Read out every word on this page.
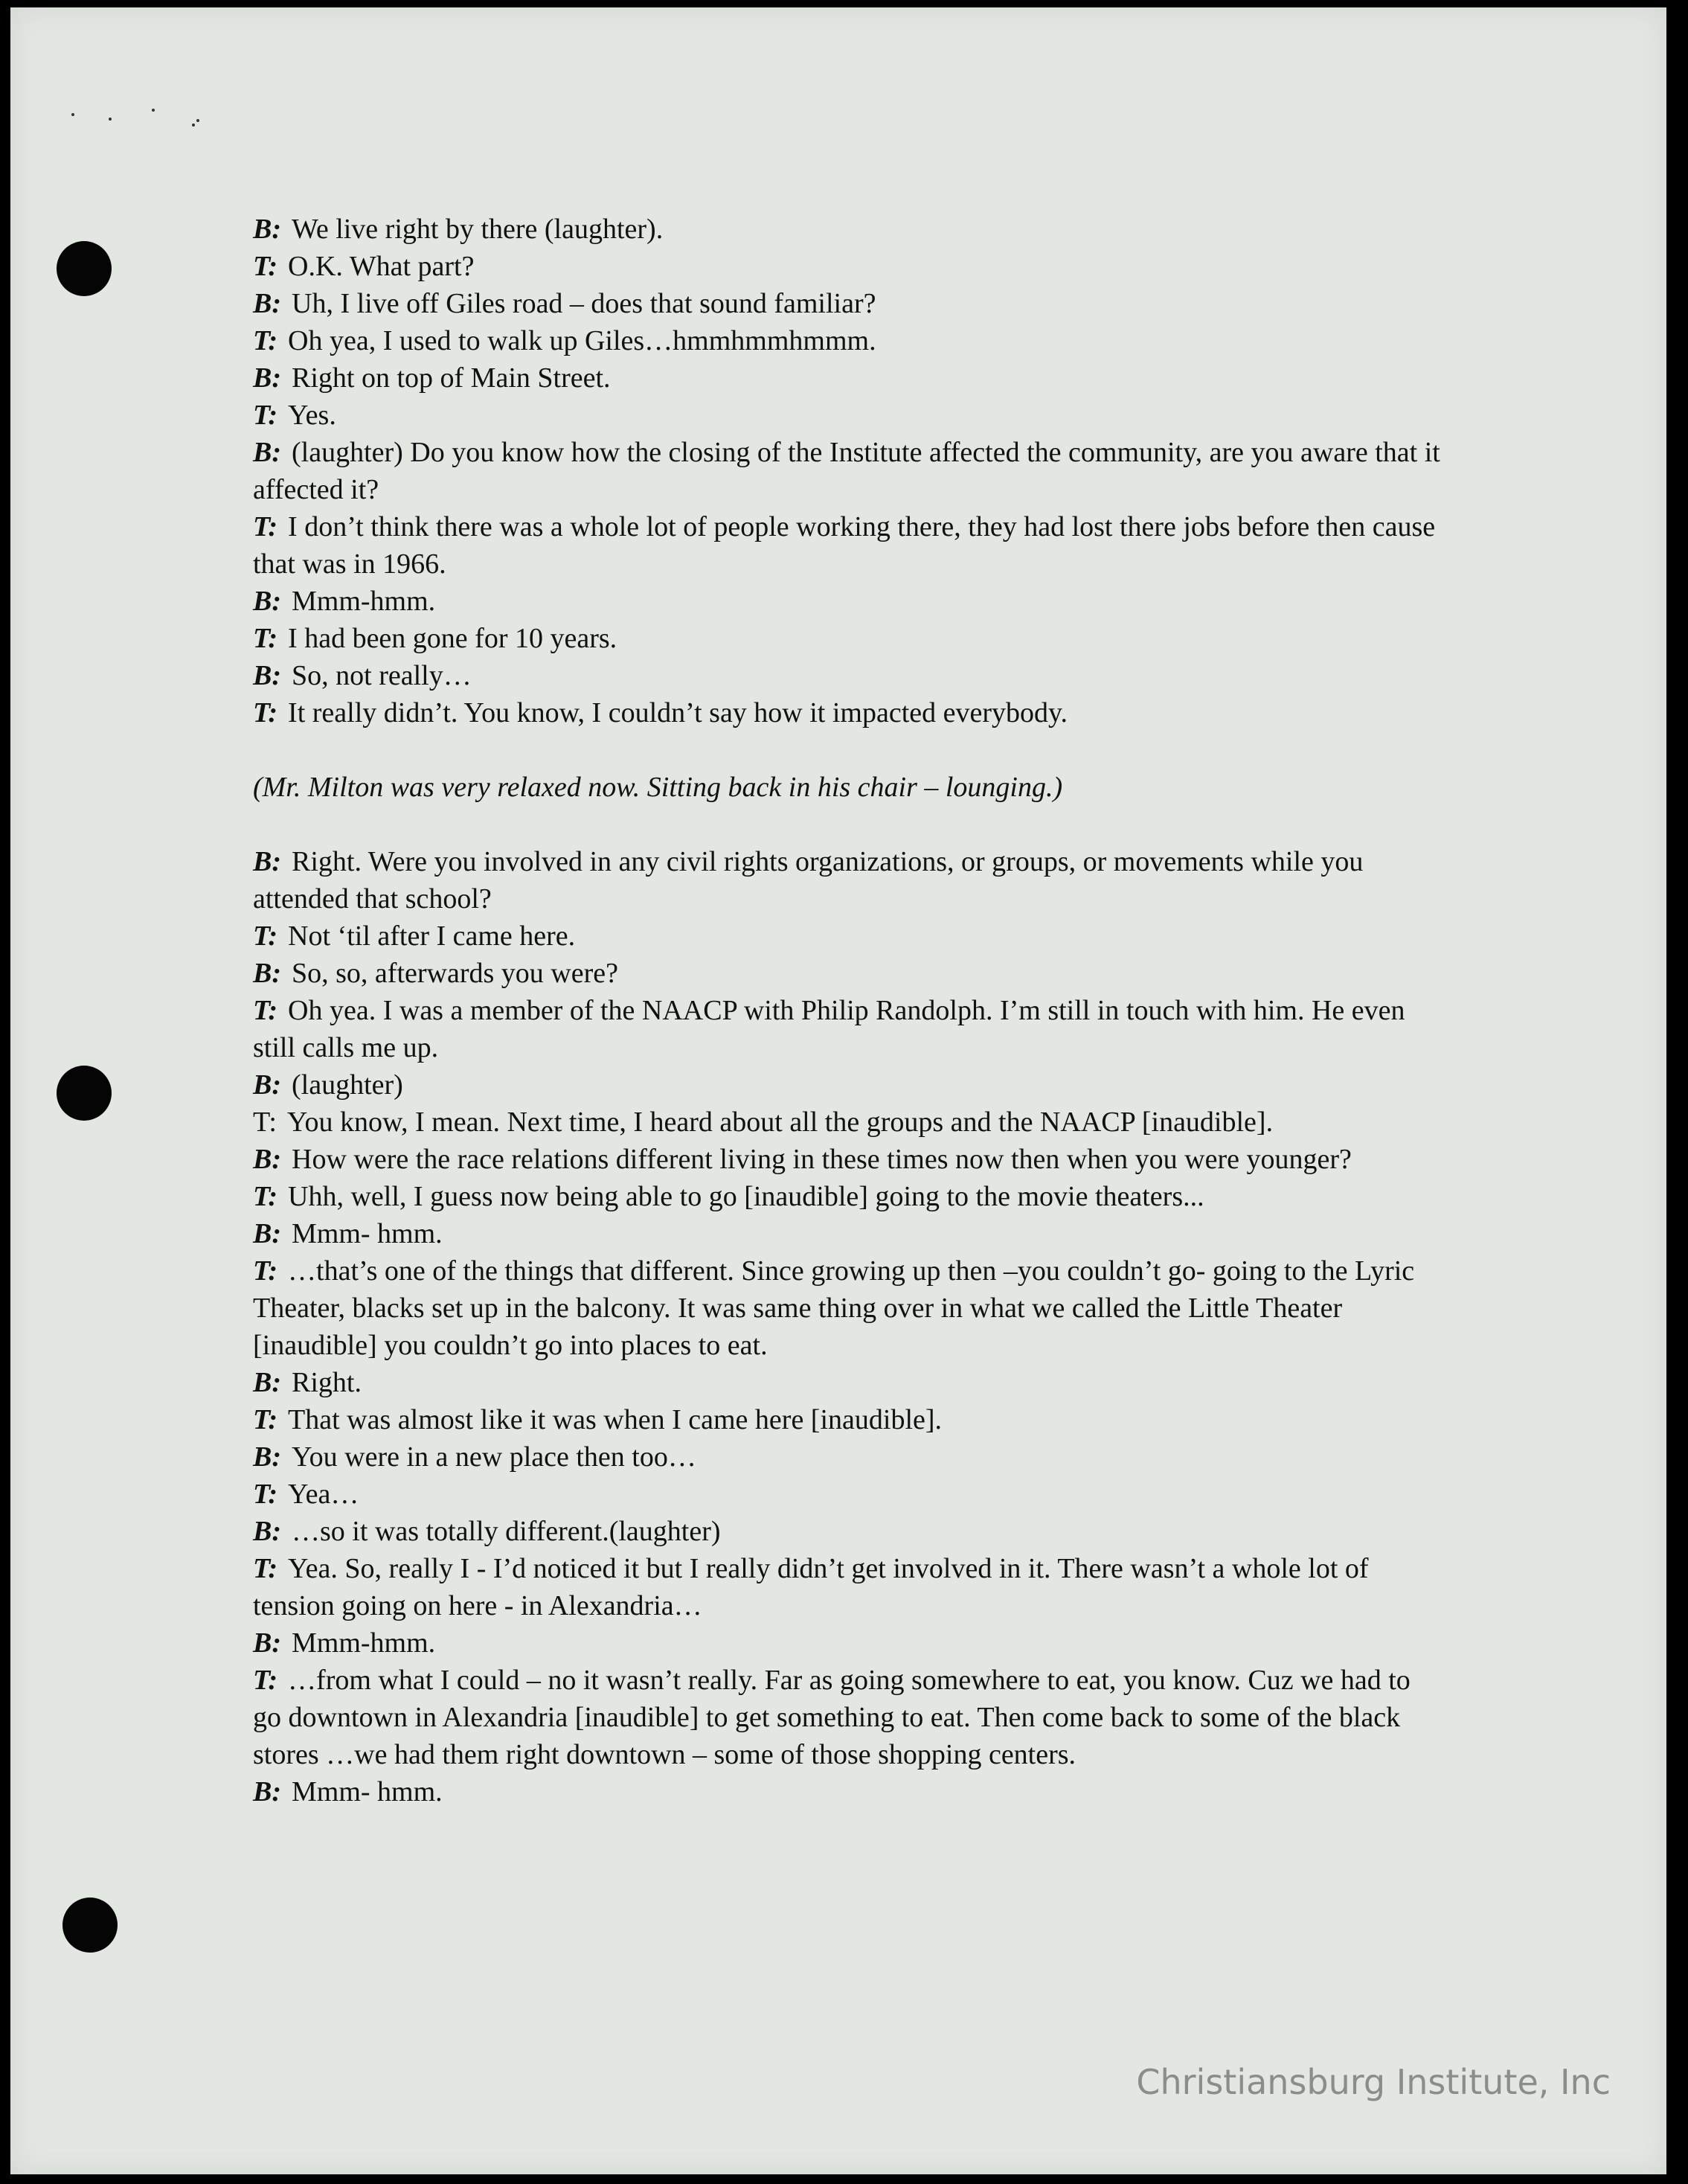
B: We live right by there (laughter).

T: O.K. What part?

B: Uh, I live off Giles road – does that sound familiar?

T: Oh yea, I used to walk up Giles…hmmhmmhmmm.

B: Right on top of Main Street.

T: Yes.

B: (laughter) Do you know how the closing of the Institute affected the community, are you aware that it affected it?

T: I don’t think there was a whole lot of people working there, they had lost there jobs before then cause that was in 1966.

B: Mmm-hmm.

T: I had been gone for 10 years.

B: So, not really…

T: It really didn’t. You know, I couldn’t say how it impacted everybody.

(Mr. Milton was very relaxed now. Sitting back in his chair – lounging.)

B: Right. Were you involved in any civil rights organizations, or groups, or movements while you attended that school?

T: Not ‘til after I came here.

B: So, so, afterwards you were?

T: Oh yea. I was a member of the NAACP with Philip Randolph. I’m still in touch with him. He even still calls me up.

B: (laughter)

T: You know, I mean. Next time, I heard about all the groups and the NAACP [inaudible].

B: How were the race relations different living in these times now then when you were younger?

T: Uhh, well, I guess now being able to go [inaudible] going to the movie theaters...

B: Mmm- hmm.

T: …that’s one of the things that different. Since growing up then –you couldn’t go- going to the Lyric Theater, blacks set up in the balcony. It was same thing over in what we called the Little Theater [inaudible] you couldn’t go into places to eat.

B: Right.

T: That was almost like it was when I came here [inaudible].

B: You were in a new place then too…

T: Yea…

B: …so it was totally different.(laughter)

T: Yea. So, really I - I’d noticed it but I really didn’t get involved in it. There wasn’t a whole lot of tension going on here - in Alexandria…

B: Mmm-hmm.

T: …from what I could – no it wasn’t really. Far as going somewhere to eat, you know. Cuz we had to go downtown in Alexandria [inaudible] to get something to eat. Then come back to some of the black stores …we had them right downtown – some of those shopping centers.

B: Mmm- hmm.

Christiansburg Institute, Inc
